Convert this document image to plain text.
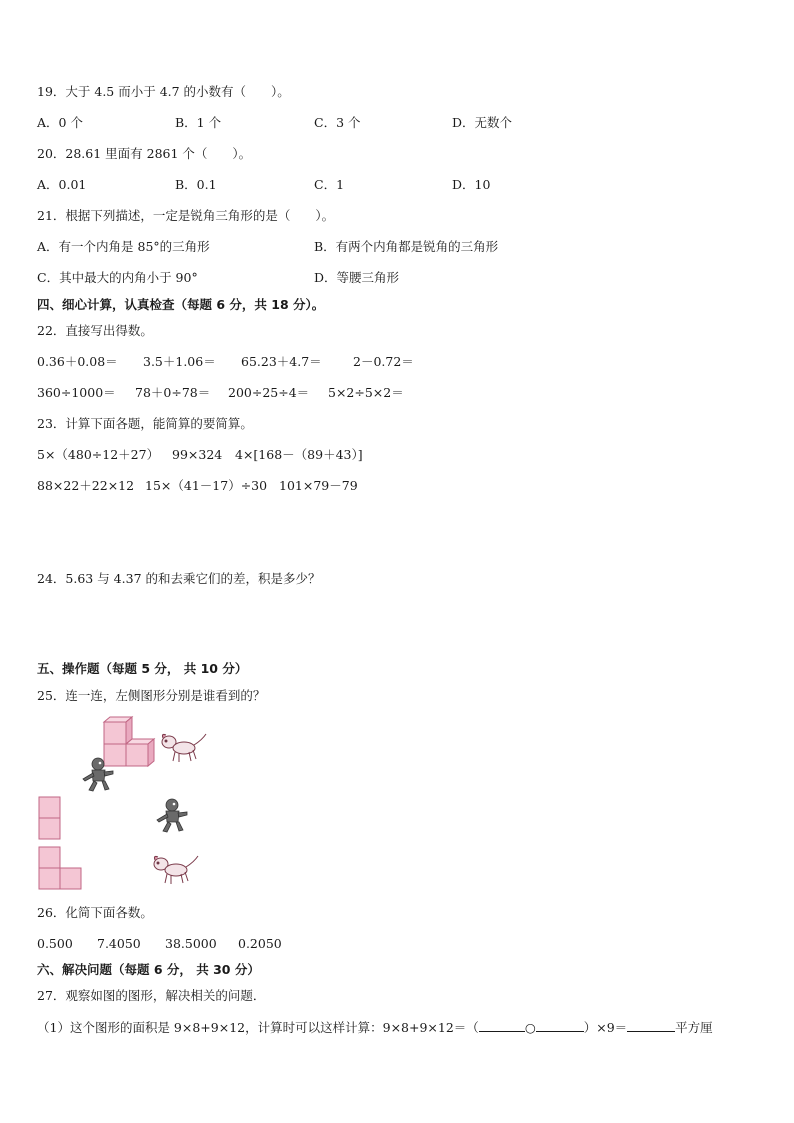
19．大于 4.5 而小于 4.7 的小数有（　　）。
A．0 个	B．1 个	C．3 个	D．无数个
20．28.61 里面有 2861 个（　　）。
A．0.01	B．0.1	C．1	D．10
21．根据下列描述，一定是锐角三角形的是（　　）。
A．有一个内角是 85°的三角形	B．有两个内角都是锐角的三角形
C．其中最大的内角小于 90°	D．等腰三角形
四、细心计算，认真检查（每题 6 分，共 18 分）。
22．直接写出得数。
0.36＋0.08＝ 3.5＋1.06＝ 65.23＋4.7＝	2－0.72＝
360÷1000＝ 78＋0÷78＝ 200÷25÷4＝ 5×2÷5×2＝
23．计算下面各题，能简算的要简算。
5×（480÷12＋27） 99×324 4×[168－（89＋43）]
88×22＋22×12 15×（41－17）÷30 101×79－79
24．5.63 与 4.37 的和去乘它们的差，积是多少？
五、操作题（每题 5 分， 共 10 分）
25．连一连，左侧图形分别是谁看到的？
26．化简下面各数。
0.500 7.4050 38.5000 0.2050
六、解决问题（每题 6 分， 共 30 分）
27．观察如图的图形，解决相关的问题．
（1）这个图形的面积是 9×8+9×12，计算时可以这样计算：9×8+9×12＝（	○	）×9＝	平方厘
